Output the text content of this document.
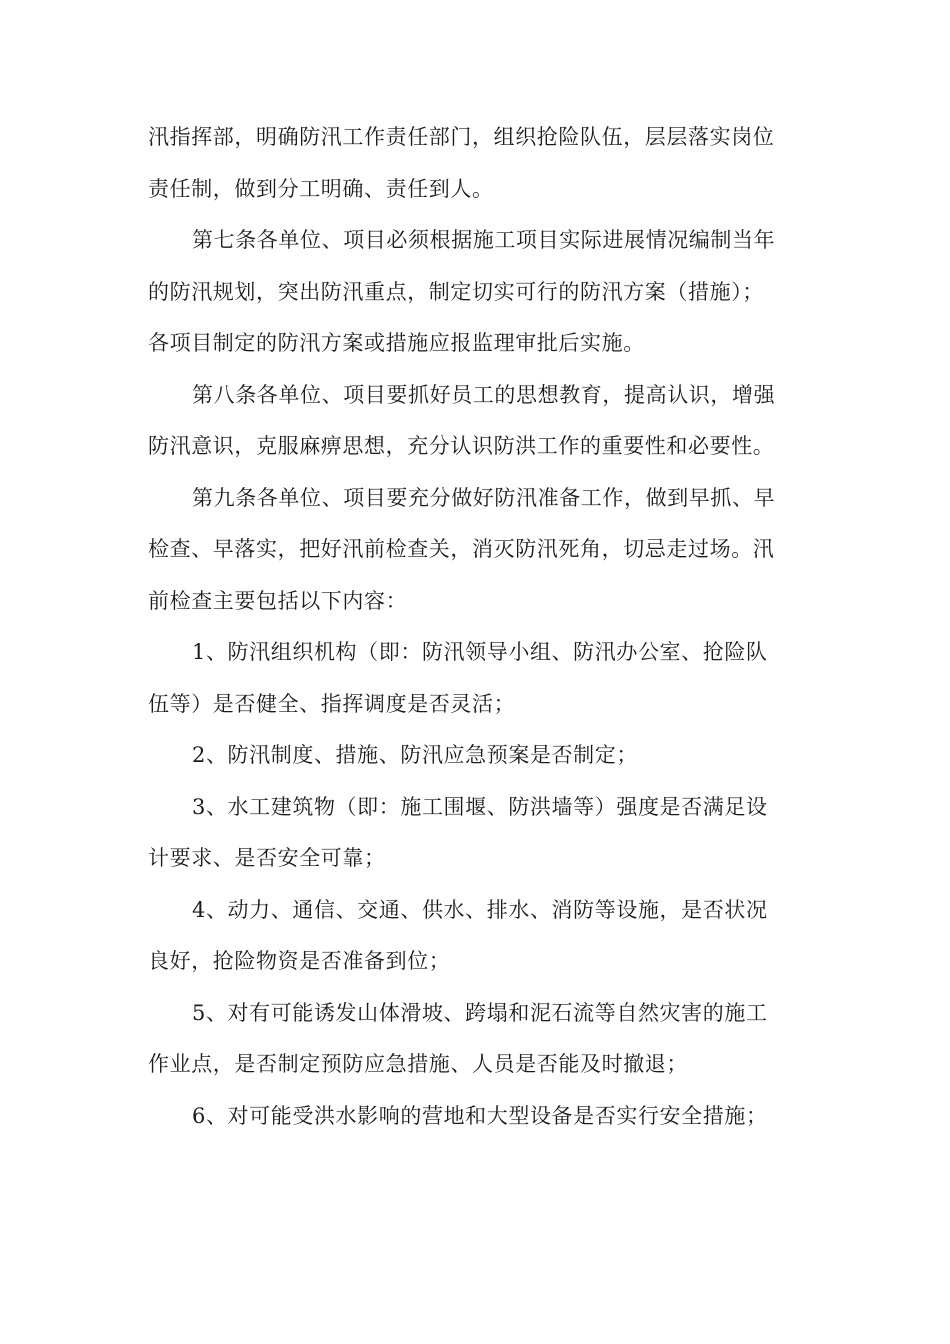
汛指挥部，明确防汛工作责任部门，组织抢险队伍，层层落实岗位
责任制，做到分工明确、责任到人。
第七条各单位、项目必须根据施工项目实际进展情况编制当年
的防汛规划，突出防汛重点，制定切实可行的防汛方案（措施）；
各项目制定的防汛方案或措施应报监理审批后实施。
第八条各单位、项目要抓好员工的思想教育，提高认识，增强
防汛意识，克服麻痹思想，充分认识防洪工作的重要性和必要性。
第九条各单位、项目要充分做好防汛准备工作，做到早抓、早
检查、早落实，把好汛前检查关，消灭防汛死角，切忌走过场。汛
前检查主要包括以下内容：
1、防汛组织机构（即：防汛领导小组、防汛办公室、抢险队
伍等）是否健全、指挥调度是否灵活；
2、防汛制度、措施、防汛应急预案是否制定；
3、水工建筑物（即：施工围堰、防洪墙等）强度是否满足设
计要求、是否安全可靠；
4、动力、通信、交通、供水、排水、消防等设施，是否状况
良好，抢险物资是否准备到位；
5、对有可能诱发山体滑坡、跨塌和泥石流等自然灾害的施工
作业点，是否制定预防应急措施、人员是否能及时撤退；
6、对可能受洪水影响的营地和大型设备是否实行安全措施；
